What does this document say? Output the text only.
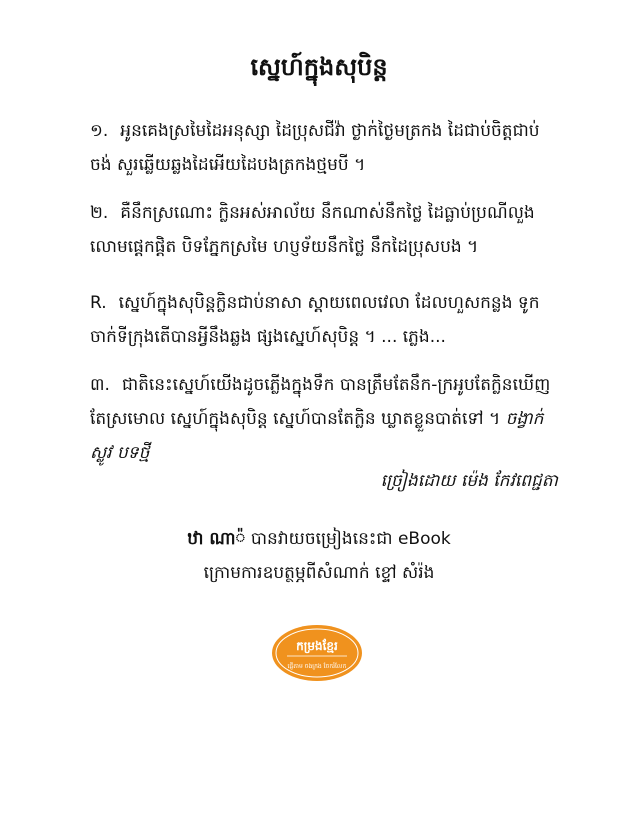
ស្នេហ៍ក្នុងសុបិន្ត
១. អូនគេងស្រមៃដៃអនុស្សា ដៃប្រុសជីវ៉ា ថ្ងាក់ថ្ងៃមត្រកង ដៃជាប់ចិត្តជាប់
ចង់ សួរឆ្លើយឆ្លងដៃអើយដៃបងត្រកងថ្មមបី ។
២. គឺនឹកស្រណោះ ក្លិនអស់អាល័យ នឹកណាស់នឹកថ្លៃ ដៃធ្លាប់ប្រណីលួង
លោមផ្ដេកផ្ដិត បិទភ្នែកស្រមៃ ហប្ញទ័យនឹកថ្លៃ នឹកដៃប្រុសបង ។
R. ស្នេហ៍ក្នុងសុបិន្តក្លិនជាប់នាសា ស្ដាយពេលវេលា ដែលហួសកន្លង ទូក
ចាក់ទីក្រុងតើបានអ្វីនឹងឆ្លង ផ្សងស្នេហ៍សុបិន្ត ។ ... ភ្លេង...
៣. ជាតិនេះស្នេហ៍យើងដូចភ្លើងក្នុងទឹក បានត្រឹមតែនឹក-ក្រអូបតែក្លិនឃើញ
តែស្រមោល ស្នេហ៍ក្នុងសុបិន្ត ស្នេហ៍បានតែក្លិន ឃ្លាតខ្លួនបាត់ទៅ ។ ចង្វាក់
ស្លូវ បទថ្មី
ច្រៀងដោយ ម៉េង កែវពេជ្ជតា
ឋា ណា៉ បានវាយចម្រៀងនេះជា eBook
ក្រោមការឧបត្ថម្ភពីសំណាក់ ខ្ទៅ សំរ៉ង
កម្រងខ្មែរ
ផ្ញើតាម ចងក្រង ចែករំលែក
